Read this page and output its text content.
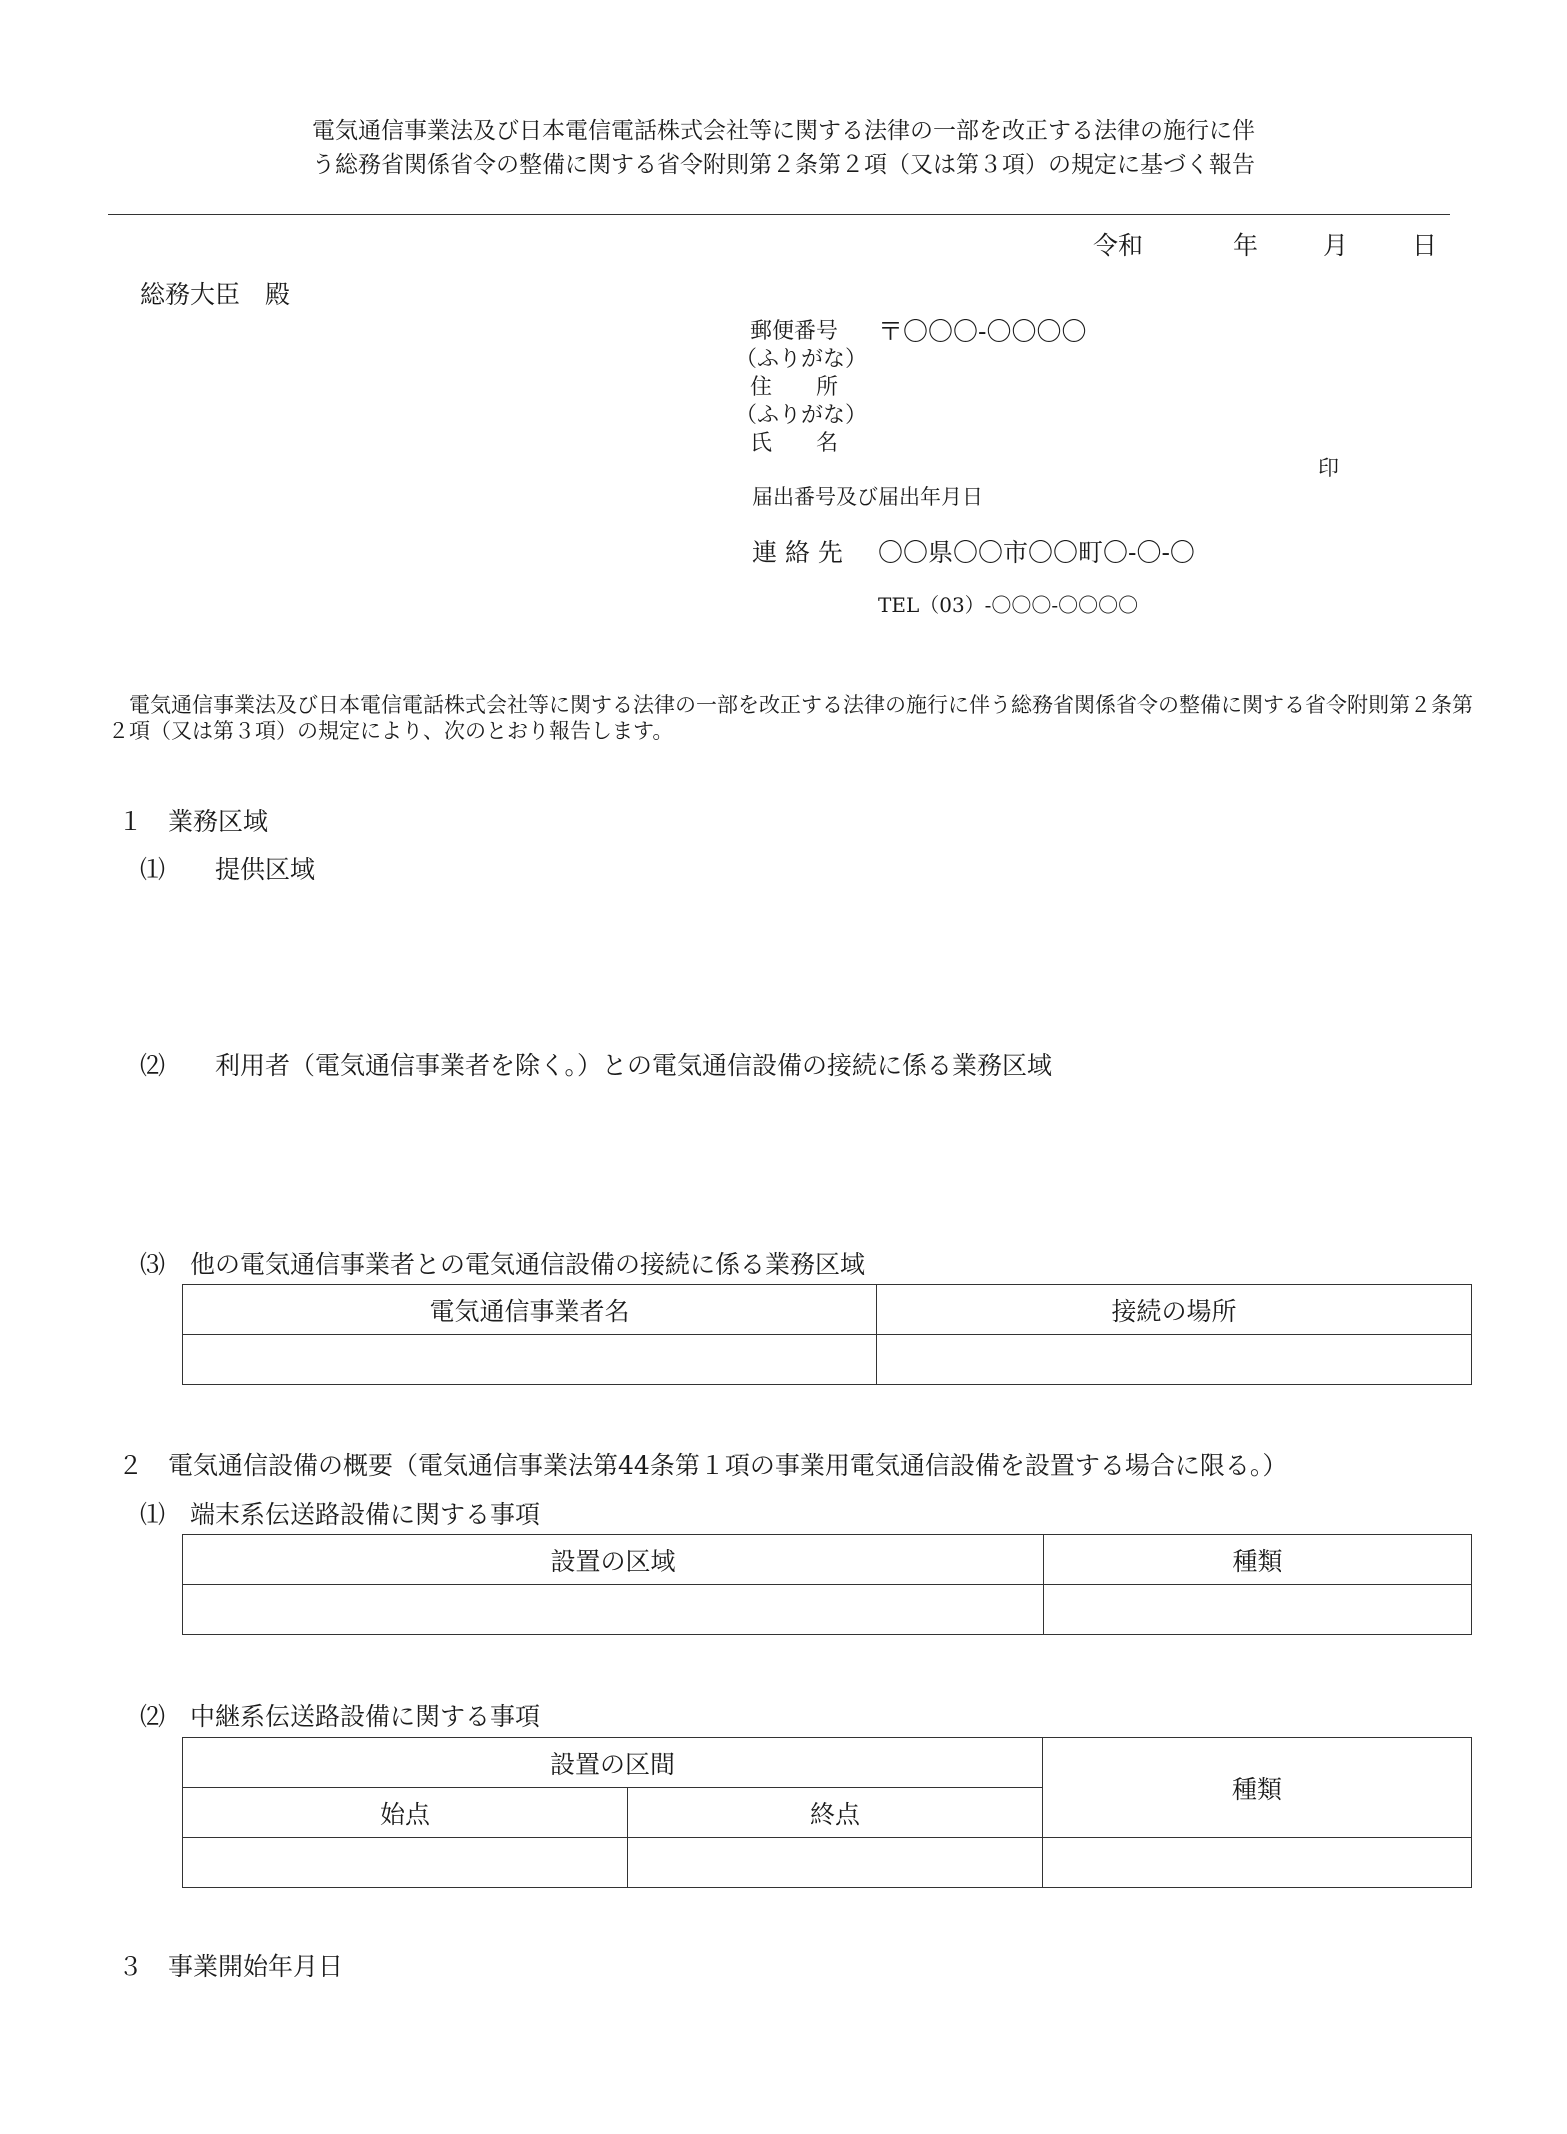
電気通信事業法及び日本電信電話株式会社等に関する法律の一部を改正する法律の施行に伴
う総務省関係省令の整備に関する省令附則第２条第２項（又は第３項）の規定に基づく報告
令和	年	月	日
総務大臣　殿
郵便番号	〒〇〇〇-〇〇〇〇
（ふりがな）
住　　所
（ふりがな）
氏　　名
印
届出番号及び届出年月日
連 絡 先 〇〇県〇〇市〇〇町〇-〇-〇
TEL（03）-〇〇〇-〇〇〇〇
　電気通信事業法及び日本電信電話株式会社等に関する法律の一部を改正する法律の施行に伴う総務省関係省令の整備に関する省令附則第２条第２項（又は第３項）の規定により、次のとおり報告します。
１　業務区域
⑴　　提供区域
⑵　　利用者（電気通信事業者を除く。）との電気通信設備の接続に係る業務区域
⑶　他の電気通信事業者との電気通信設備の接続に係る業務区域
電気通信事業者名	接続の場所

２　電気通信設備の概要（電気通信事業法第44条第１項の事業用電気通信設備を設置する場合に限る。）
⑴　端末系伝送路設備に関する事項
設置の区域	種類

⑵　中継系伝送路設備に関する事項
設置の区間		種類
始点	終点	

３　事業開始年月日
